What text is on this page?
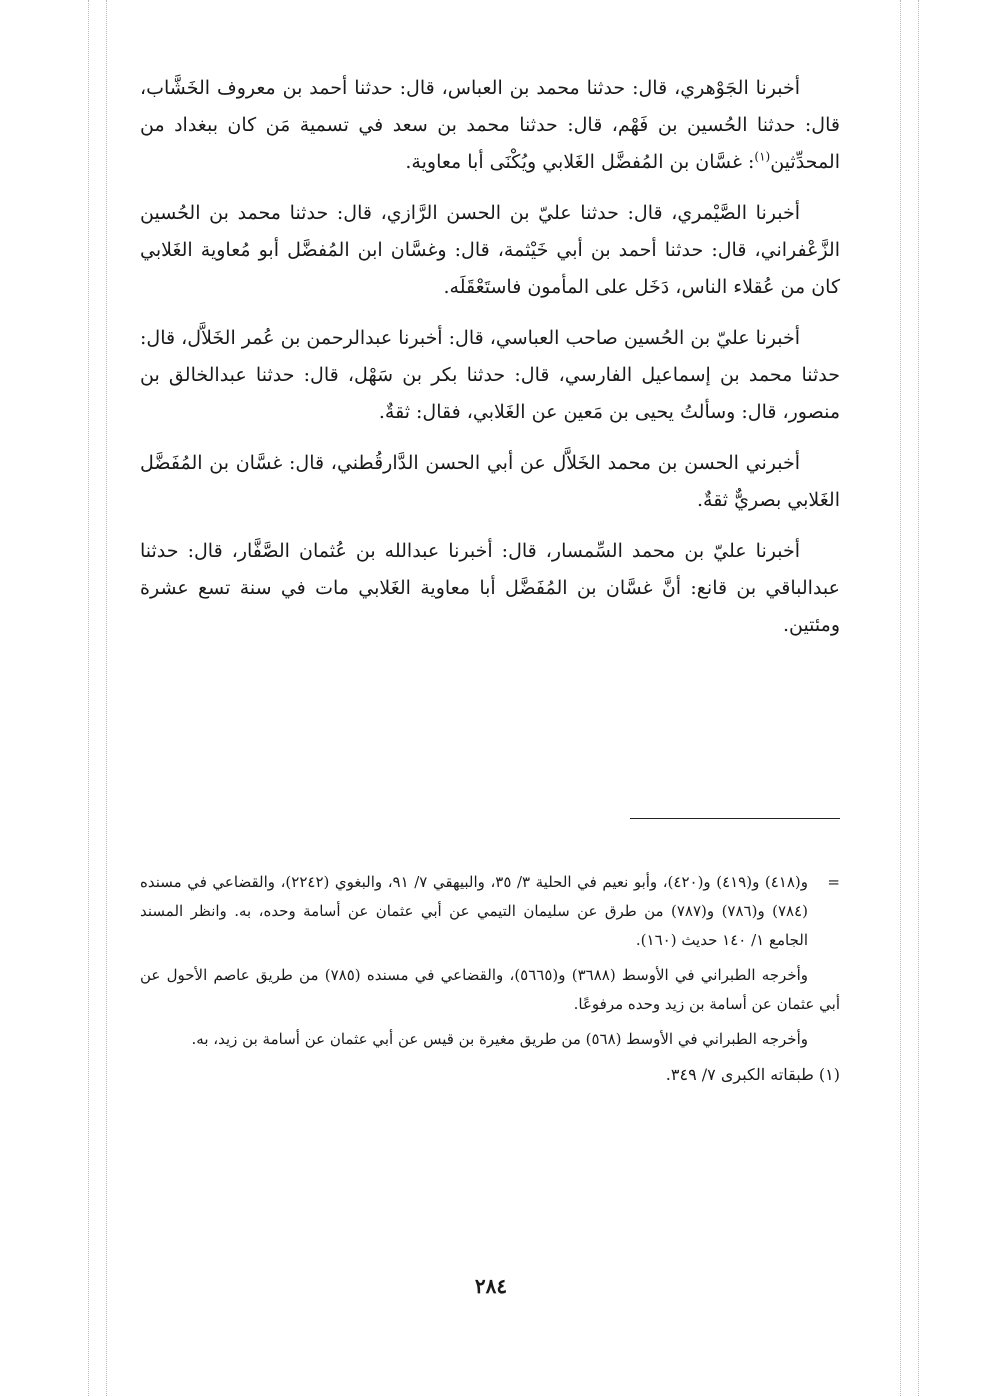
أخبرنا الجَوْهري، قال: حدثنا محمد بن العباس، قال: حدثنا أحمد بن معروف الخَشَّاب، قال: حدثنا الحُسين بن فَهْم، قال: حدثنا محمد بن سعد في تسمية مَن كان ببغداد من المحدِّثين$^{(١)}$: غسَّان بن المُفضَّل الغَلابي ويُكْنَى أبا معاوية.

أخبرنا الصَّيْمري، قال: حدثنا عليّ بن الحسن الرَّازي، قال: حدثنا محمد بن الحُسين الزَّعْفراني، قال: حدثنا أحمد بن أبي خَيْثمة، قال: وغسَّان ابن المُفضَّل أبو مُعاوية الغَلابي كان من عُقلاء الناس، دَخَل على المأمون فاستَعْقَلَه.

أخبرنا عليّ بن الحُسين صاحب العباسي، قال: أخبرنا عبدالرحمن بن عُمر الخَلاَّل، قال: حدثنا محمد بن إسماعيل الفارسي، قال: حدثنا بكر بن سَهْل، قال: حدثنا عبدالخالق بن منصور، قال: وسألتُ يحيى بن مَعين عن الغَلابي، فقال: ثقةٌ.

أخبرني الحسن بن محمد الخَلاَّل عن أبي الحسن الدَّارقُطني، قال: غسَّان بن المُفَضَّل الغَلابي بصريٌّ ثقةٌ.

أخبرنا عليّ بن محمد السِّمسار، قال: أخبرنا عبدالله بن عُثمان الصَّفَّار، قال: حدثنا عبدالباقي بن قانع: أنَّ غسَّان بن المُفَضَّل أبا معاوية الغَلابي مات في سنة تسع عشرة ومئتين.

=
و(٤١٨) و(٤١٩) و(٤٢٠)، وأبو نعيم في الحلية ٣/ ٣٥، والبيهقي ٧/ ٩١، والبغوي (٢٢٤٢)، والقضاعي في مسنده (٧٨٤) و(٧٨٦) و(٧٨٧) من طرق عن سليمان التيمي عن أبي عثمان عن أسامة وحده، به. وانظر المسند الجامع ١/ ١٤٠ حديث (١٦٠).

وأخرجه الطبراني في الأوسط (٣٦٨٨) و(٥٦٦٥)، والقضاعي في مسنده (٧٨٥) من طريق عاصم الأحول عن أبي عثمان عن أسامة بن زيد وحده مرفوعًا.

وأخرجه الطبراني في الأوسط (٥٦٨) من طريق مغيرة بن قيس عن أبي عثمان عن أسامة بن زيد، به.

(١) طبقاته الكبرى ٧/ ٣٤٩.

٢٨٤
